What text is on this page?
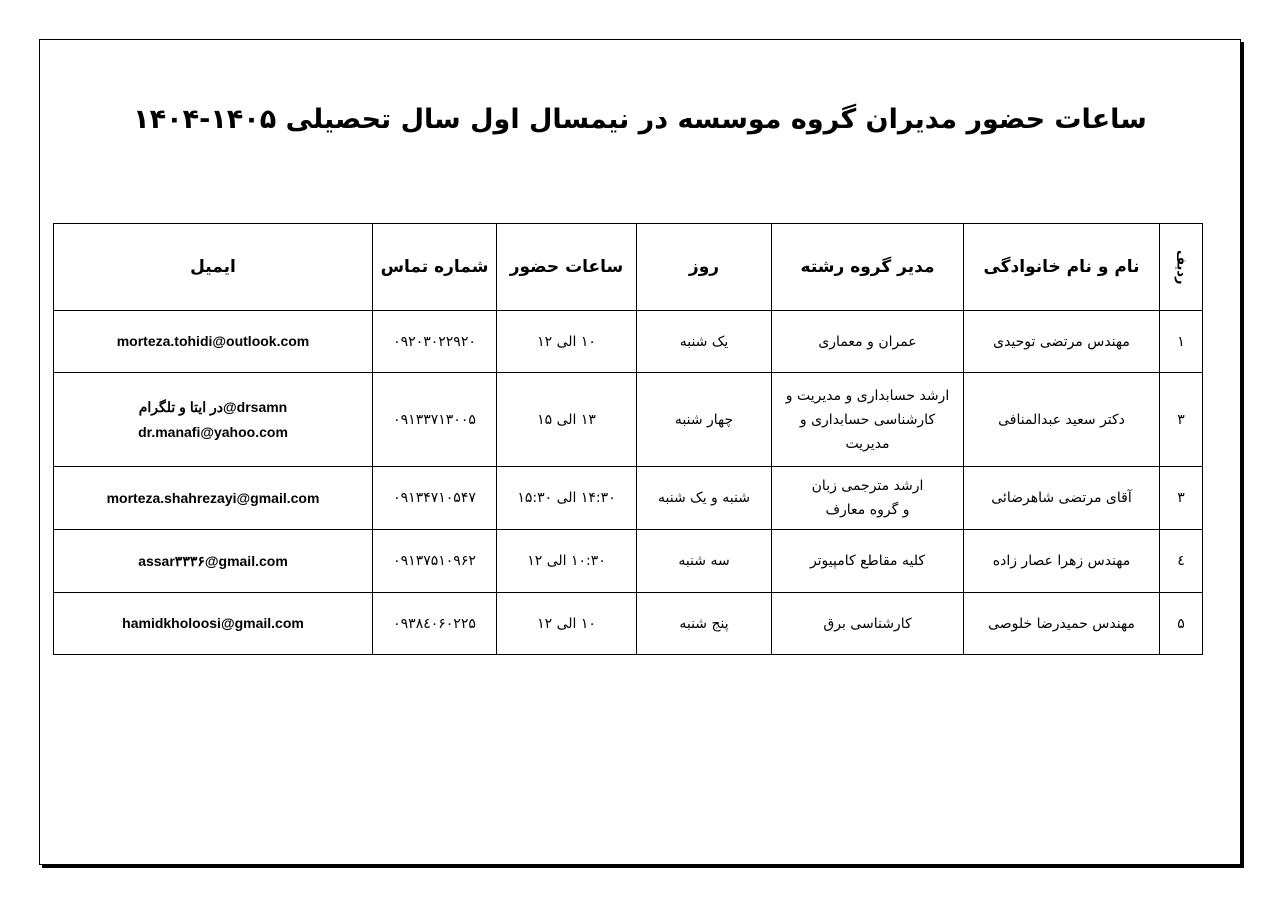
ساعات حضور مدیران گروه موسسه در نیمسال اول سال تحصیلی ۱۴۰۵-۱۴۰۴
ردیف	نام و نام خانوادگی	مدیر گروه رشته	روز	ساعات حضور	شماره تماس	ایمیل
۱	مهندس مرتضی توحیدی	عمران و معماری	یک شنبه	۱۰ الی ۱۲	۰۹۲۰۳۰۲۲۹۲۰	morteza.tohidi@outlook.com

۳	دکتر سعید عبدالمنافی	ارشد حسابداری و مدیریت و
کارشناسی حسابداری و
مدیریت	چهار شنبه	۱۳ الی ۱۵	۰۹۱۳۳۷۱۳۰۰۵	drsamn@در ایتا و تلگرام
dr.manafi@yahoo.com

۳	آقای مرتضی شاهرضائی	ارشد مترجمی زبان
و گروه معارف	شنبه و یک شنبه	۱۴:۳۰ الی ۱۵:۳۰	۰۹۱۳۴۷۱۰۵۴۷	morteza.shahrezayi@gmail.com

٤	مهندس زهرا عصار زاده	کلیه مقاطع کامپیوتر	سه شنبه	۱۰:۳۰ الی ۱۲	۰۹۱۳۷۵۱۰۹۶۲	assar۳۳۳۶@gmail.com

۵	مهندس حمیدرضا خلوصی	کارشناسی برق	پنج شنبه	۱۰ الی ۱۲	۰۹۳۸٤۰۶۰۲۲۵	hamidkholoosi@gmail.com
